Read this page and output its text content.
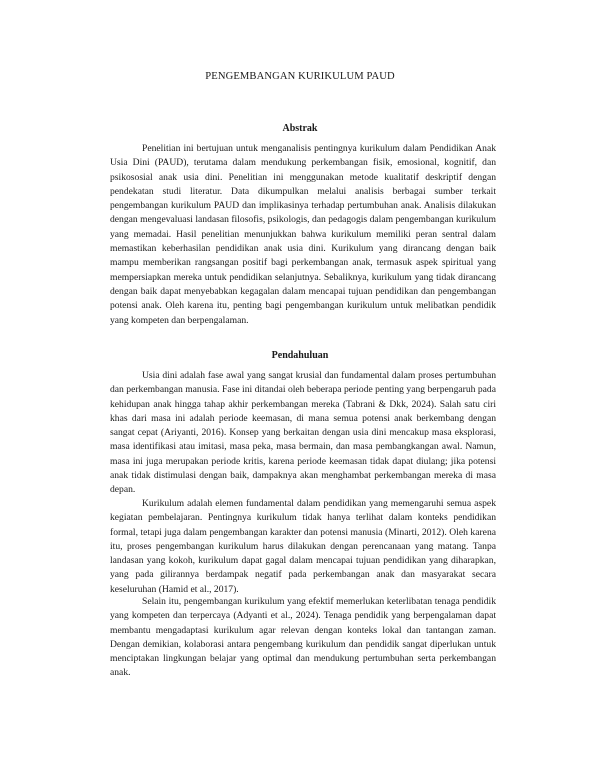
PENGEMBANGAN KURIKULUM PAUD
Abstrak

Penelitian ini bertujuan untuk menganalisis pentingnya kurikulum dalam Pendidikan Anak Usia Dini (PAUD), terutama dalam mendukung perkembangan fisik, emosional, kognitif, dan psikososial anak usia dini. Penelitian ini menggunakan metode kualitatif deskriptif dengan pendekatan studi literatur. Data dikumpulkan melalui analisis berbagai sumber terkait pengembangan kurikulum PAUD dan implikasinya terhadap pertumbuhan anak. Analisis dilakukan dengan mengevaluasi landasan filosofis, psikologis, dan pedagogis dalam pengembangan kurikulum yang memadai. Hasil penelitian menunjukkan bahwa kurikulum memiliki peran sentral dalam memastikan keberhasilan pendidikan anak usia dini. Kurikulum yang dirancang dengan baik mampu memberikan rangsangan positif bagi perkembangan anak, termasuk aspek spiritual yang mempersiapkan mereka untuk pendidikan selanjutnya. Sebaliknya, kurikulum yang tidak dirancang dengan baik dapat menyebabkan kegagalan dalam mencapai tujuan pendidikan dan pengembangan potensi anak. Oleh karena itu, penting bagi pengembangan kurikulum untuk melibatkan pendidik yang kompeten dan berpengalaman.

Pendahuluan

Usia dini adalah fase awal yang sangat krusial dan fundamental dalam proses pertumbuhan dan perkembangan manusia. Fase ini ditandai oleh beberapa periode penting yang berpengaruh pada kehidupan anak hingga tahap akhir perkembangan mereka (Tabrani & Dkk, 2024). Salah satu ciri khas dari masa ini adalah periode keemasan, di mana semua potensi anak berkembang dengan sangat cepat (Ariyanti, 2016). Konsep yang berkaitan dengan usia dini mencakup masa eksplorasi, masa identifikasi atau imitasi, masa peka, masa bermain, dan masa pembangkangan awal. Namun, masa ini juga merupakan periode kritis, karena periode keemasan tidak dapat diulang; jika potensi anak tidak distimulasi dengan baik, dampaknya akan menghambat perkembangan mereka di masa depan.

Kurikulum adalah elemen fundamental dalam pendidikan yang memengaruhi semua aspek kegiatan pembelajaran. Pentingnya kurikulum tidak hanya terlihat dalam konteks pendidikan formal, tetapi juga dalam pengembangan karakter dan potensi manusia (Minarti, 2012). Oleh karena itu, proses pengembangan kurikulum harus dilakukan dengan perencanaan yang matang. Tanpa landasan yang kokoh, kurikulum dapat gagal dalam mencapai tujuan pendidikan yang diharapkan, yang pada gilirannya berdampak negatif pada perkembangan anak dan masyarakat secara keseluruhan (Hamid et al., 2017).

Selain itu, pengembangan kurikulum yang efektif memerlukan keterlibatan tenaga pendidik yang kompeten dan terpercaya (Adyanti et al., 2024). Tenaga pendidik yang berpengalaman dapat membantu mengadaptasi kurikulum agar relevan dengan konteks lokal dan tantangan zaman. Dengan demikian, kolaborasi antara pengembang kurikulum dan pendidik sangat diperlukan untuk menciptakan lingkungan belajar yang optimal dan mendukung pertumbuhan serta perkembangan anak.
